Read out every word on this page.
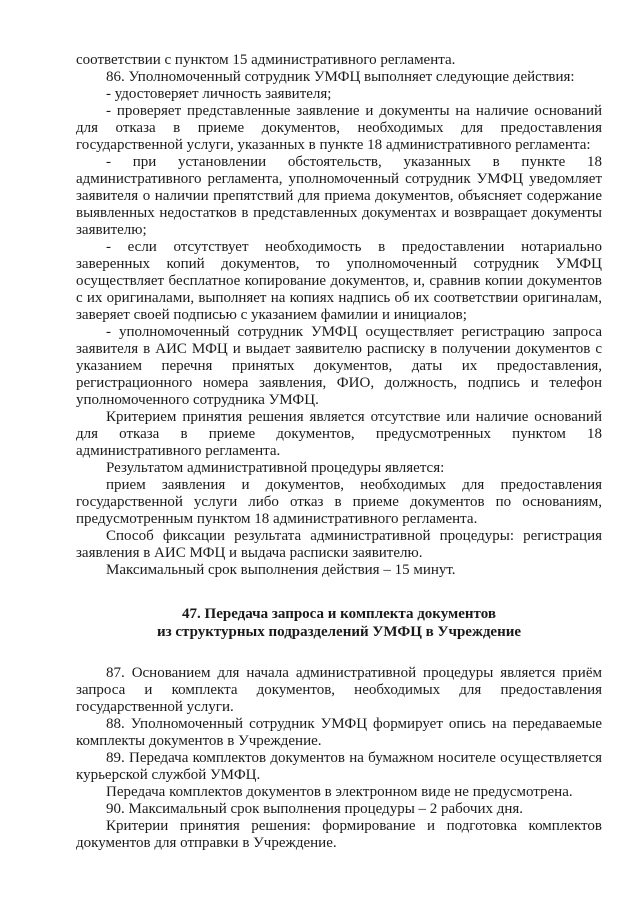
соответствии с пунктом 15 административного регламента.

86. Уполномоченный сотрудник УМФЦ выполняет следующие действия:

- удостоверяет личность заявителя;

- проверяет представленные заявление и документы на наличие оснований для отказа в приеме документов, необходимых для предоставления государственной услуги, указанных в пункте 18 административного регламента:

- при установлении обстоятельств, указанных в пункте 18 административного регламента, уполномоченный сотрудник УМФЦ уведомляет заявителя о наличии препятствий для приема документов, объясняет содержание выявленных недостатков в представленных документах и возвращает документы заявителю;

- если отсутствует необходимость в предоставлении нотариально заверенных копий документов, то уполномоченный сотрудник УМФЦ осуществляет бесплатное копирование документов, и, сравнив копии документов с их оригиналами, выполняет на копиях надпись об их соответствии оригиналам, заверяет своей подписью с указанием фамилии и инициалов;

- уполномоченный сотрудник УМФЦ осуществляет регистрацию запроса заявителя в АИС МФЦ и выдает заявителю расписку в получении документов с указанием перечня принятых документов, даты их предоставления, регистрационного номера заявления, ФИО, должность, подпись и телефон уполномоченного сотрудника УМФЦ.

Критерием принятия решения является отсутствие или наличие оснований для отказа в приеме документов, предусмотренных пунктом 18 административного регламента.

Результатом административной процедуры является:

прием заявления и документов, необходимых для предоставления государственной услуги либо отказ в приеме документов по основаниям, предусмотренным пунктом 18 административного регламента.

Способ фиксации результата административной процедуры: регистрация заявления в АИС МФЦ и выдача расписки заявителю.

Максимальный срок выполнения действия – 15 минут.

47. Передача запроса и комплекта документов
из структурных подразделений УМФЦ в Учреждение

87. Основанием для начала административной процедуры является приём запроса и комплекта документов, необходимых для предоставления государственной услуги.

88. Уполномоченный сотрудник УМФЦ формирует опись на передаваемые комплекты документов в Учреждение.

89. Передача комплектов документов на бумажном носителе осуществляется курьерской службой УМФЦ.

Передача комплектов документов в электронном виде не предусмотрена.

90. Максимальный срок выполнения процедуры – 2 рабочих дня.

Критерии принятия решения: формирование и подготовка комплектов документов для отправки в Учреждение.
